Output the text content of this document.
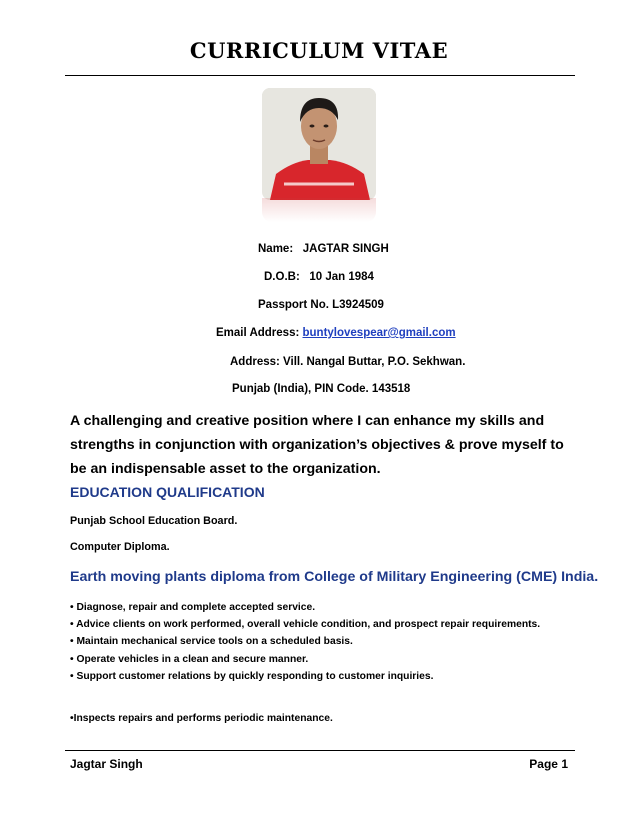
CURRICULUM VITAE
Name: JAGTAR SINGH
D.O.B: 10 Jan 1984
Passport No. L3924509
Email Address: buntylovespear@gmail.com
Address: Vill. Nangal Buttar, P.O. Sekhwan.
Punjab (India), PIN Code. 143518
A challenging and creative position where I can enhance my skills and strengths in conjunction with organization’s objectives & prove myself to be an indispensable asset to the organization.
EDUCATION QUALIFICATION
Punjab School Education Board.
Computer Diploma.
Earth moving plants diploma from College of Military Engineering (CME) India.
• Diagnose, repair and complete accepted service.
• Advice clients on work performed, overall vehicle condition, and prospect repair requirements.
• Maintain mechanical service tools on a scheduled basis.
• Operate vehicles in a clean and secure manner.
• Support customer relations by quickly responding to customer inquiries.
•Inspects repairs and performs periodic maintenance.
Jagtar Singh	Page 1
